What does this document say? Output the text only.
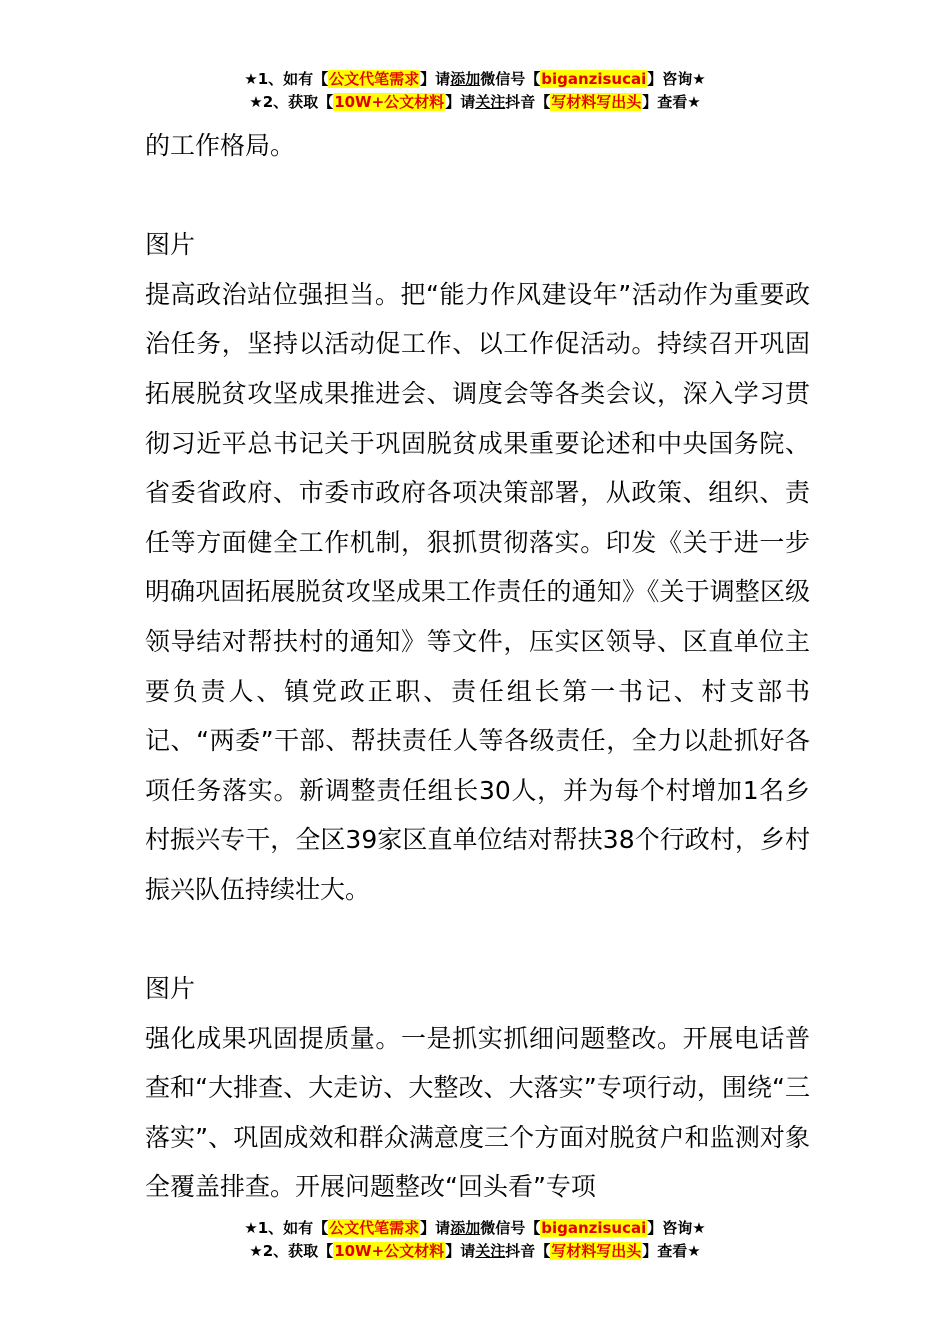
★1、如有【公文代笔需求】请添加微信号【biganzisucai】咨询★
★2、获取【10W+公文材料】请关注抖音【写材料写出头】查看★

的工作格局。

图片

提高政治站位强担当。把“能力作风建设年”活动作为重要政治任务，坚持以活动促工作、以工作促活动。持续召开巩固拓展脱贫攻坚成果推进会、调度会等各类会议，深入学习贯彻习近平总书记关于巩固脱贫成果重要论述和中央国务院、省委省政府、市委市政府各项决策部署，从政策、组织、责任等方面健全工作机制，狠抓贯彻落实。印发《关于进一步明确巩固拓展脱贫攻坚成果工作责任的通知》《关于调整区级领导结对帮扶村的通知》等文件，压实区领导、区直单位主要负责人、镇党政正职、责任组长第一书记、村支部书记、“两委”干部、帮扶责任人等各级责任，全力以赴抓好各项任务落实。新调整责任组长30人，并为每个村增加1名乡村振兴专干，全区39家区直单位结对帮扶38个行政村，乡村振兴队伍持续壮大。

图片

强化成果巩固提质量。一是抓实抓细问题整改。开展电话普查和“大排查、大走访、大整改、大落实”专项行动，围绕“三落实”、巩固成效和群众满意度三个方面对脱贫户和监测对象全覆盖排查。开展问题整改“回头看”专项

★1、如有【公文代笔需求】请添加微信号【biganzisucai】咨询★
★2、获取【10W+公文材料】请关注抖音【写材料写出头】查看★
